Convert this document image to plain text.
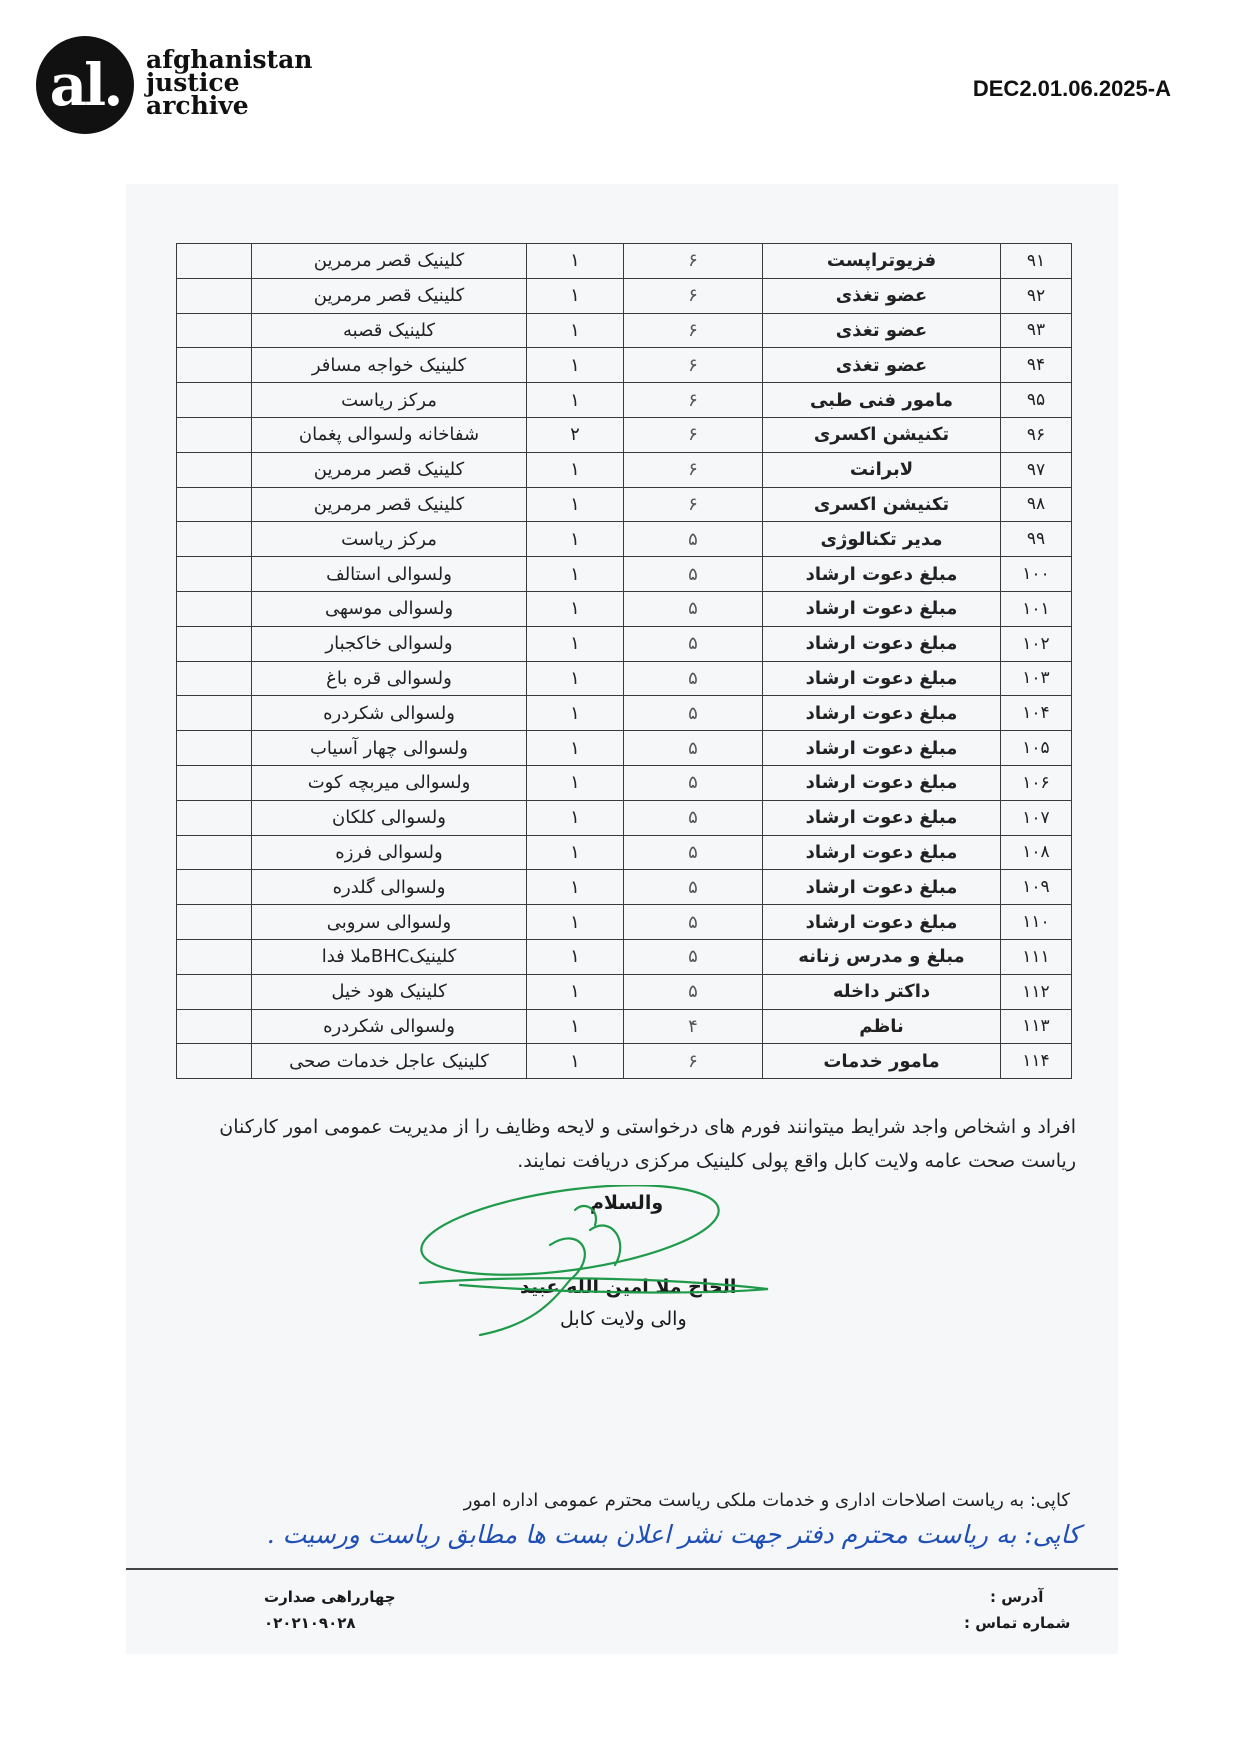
al.	afghanistan
justice
archive
DEC2.01.06.2025-A
۹۱	فزیوتراپست	۶	۱	کلینیک قصر مرمرین	
۹۲	عضو تغذی	۶	۱	کلینیک قصر مرمرین	
۹۳	عضو تغذی	۶	۱	کلینیک قصبه	
۹۴	عضو تغذی	۶	۱	کلینیک خواجه مسافر	
۹۵	مامور فنی طبی	۶	۱	مرکز ریاست	
۹۶	تکنیشن اکسری	۶	۲	شفاخانه ولسوالی پغمان	
۹۷	لابرانت	۶	۱	کلینیک قصر مرمرین	
۹۸	تکنیشن اکسری	۶	۱	کلینیک قصر مرمرین	
۹۹	مدیر تکنالوژی	۵	۱	مرکز ریاست	
۱۰۰	مبلغ دعوت ارشاد	۵	۱	ولسوالی استالف	
۱۰۱	مبلغ دعوت ارشاد	۵	۱	ولسوالی موسهی	
۱۰۲	مبلغ دعوت ارشاد	۵	۱	ولسوالی خاکجبار	
۱۰۳	مبلغ دعوت ارشاد	۵	۱	ولسوالی قره باغ	
۱۰۴	مبلغ دعوت ارشاد	۵	۱	ولسوالی شکردره	
۱۰۵	مبلغ دعوت ارشاد	۵	۱	ولسوالی چهار آسیاب	
۱۰۶	مبلغ دعوت ارشاد	۵	۱	ولسوالی میربچه کوت	
۱۰۷	مبلغ دعوت ارشاد	۵	۱	ولسوالی کلکان	
۱۰۸	مبلغ دعوت ارشاد	۵	۱	ولسوالی فرزه	
۱۰۹	مبلغ دعوت ارشاد	۵	۱	ولسوالی گلدره	
۱۱۰	مبلغ دعوت ارشاد	۵	۱	ولسوالی سروبی	
۱۱۱	مبلغ و مدرس زنانه	۵	۱	کلینیکBHCملا فدا	
۱۱۲	داکتر داخله	۵	۱	کلینیک هود خیل	
۱۱۳	ناظم	۴	۱	ولسوالی شکردره	
۱۱۴	مامور خدمات	۶	۱	کلینیک عاجل خدمات صحی	
افراد و اشخاص واجد شرایط میتوانند فورم های درخواستی و لایحه وظایف را از مدیریت عمومی امور کارکنان
ریاست صحت عامه ولایت کابل واقع پولی کلینیک مرکزی دریافت نمایند.
والسلام
الحاج ملا امین الله عبید
والی ولایت کابل
کاپی: به ریاست اصلاحات اداری و خدمات ملکی ریاست محترم عمومی اداره امور
کاپی: به ریاست محترم دفتر جهت نشر اعلان بست ها مطابق ریاست ورسیت .
آدرس :
شماره تماس :
چهارراهی صدارت
۰۲۰۲۱۰۹۰۲۸
